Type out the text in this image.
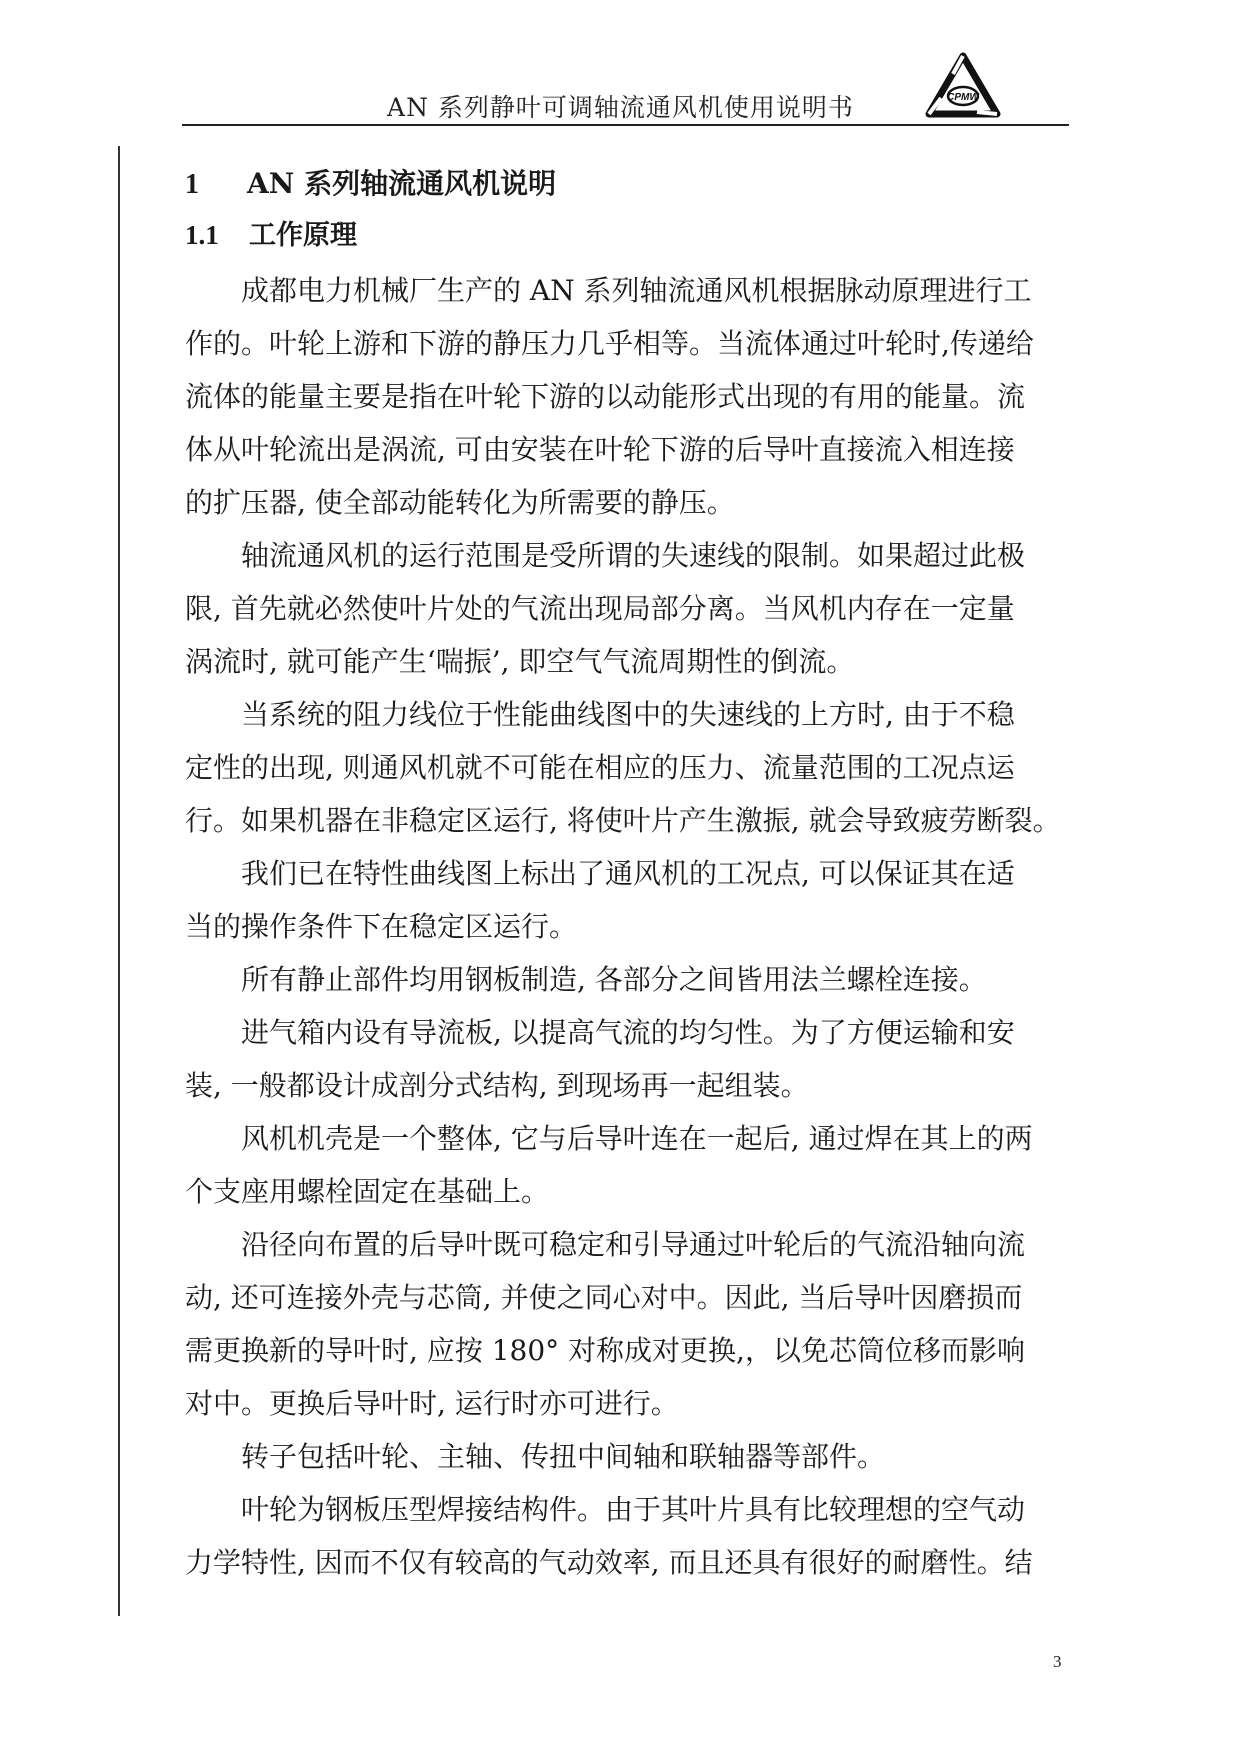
AN 系列静叶可调轴流通风机使用说明书	CPMW
1 AN 系列轴流通风机说明
1.1 工作原理

成都电力机械厂生产的 AN 系列轴流通风机根据脉动原理进行工
作的。叶轮上游和下游的静压力几乎相等。当流体通过叶轮时,传递给
流体的能量主要是指在叶轮下游的以动能形式出现的有用的能量。流
体从叶轮流出是涡流, 可由安装在叶轮下游的后导叶直接流入相连接
的扩压器, 使全部动能转化为所需要的静压。

轴流通风机的运行范围是受所谓的失速线的限制。如果超过此极
限, 首先就必然使叶片处的气流出现局部分离。当风机内存在一定量
涡流时, 就可能产生‘喘振’, 即空气气流周期性的倒流。

当系统的阻力线位于性能曲线图中的失速线的上方时, 由于不稳
定性的出现, 则通风机就不可能在相应的压力、流量范围的工况点运
行。如果机器在非稳定区运行, 将使叶片产生激振, 就会导致疲劳断裂。

我们已在特性曲线图上标出了通风机的工况点, 可以保证其在适
当的操作条件下在稳定区运行。

所有静止部件均用钢板制造, 各部分之间皆用法兰螺栓连接。

进气箱内设有导流板, 以提高气流的均匀性。为了方便运输和安
装, 一般都设计成剖分式结构, 到现场再一起组装。

风机机壳是一个整体, 它与后导叶连在一起后, 通过焊在其上的两
个支座用螺栓固定在基础上。

沿径向布置的后导叶既可稳定和引导通过叶轮后的气流沿轴向流
动, 还可连接外壳与芯筒, 并使之同心对中。因此, 当后导叶因磨损而
需更换新的导叶时, 应按 180° 对称成对更换,，以免芯筒位移而影响
对中。更换后导叶时, 运行时亦可进行。

转子包括叶轮、主轴、传扭中间轴和联轴器等部件。

叶轮为钢板压型焊接结构件。由于其叶片具有比较理想的空气动
力学特性, 因而不仅有较高的气动效率, 而且还具有很好的耐磨性。结

3
